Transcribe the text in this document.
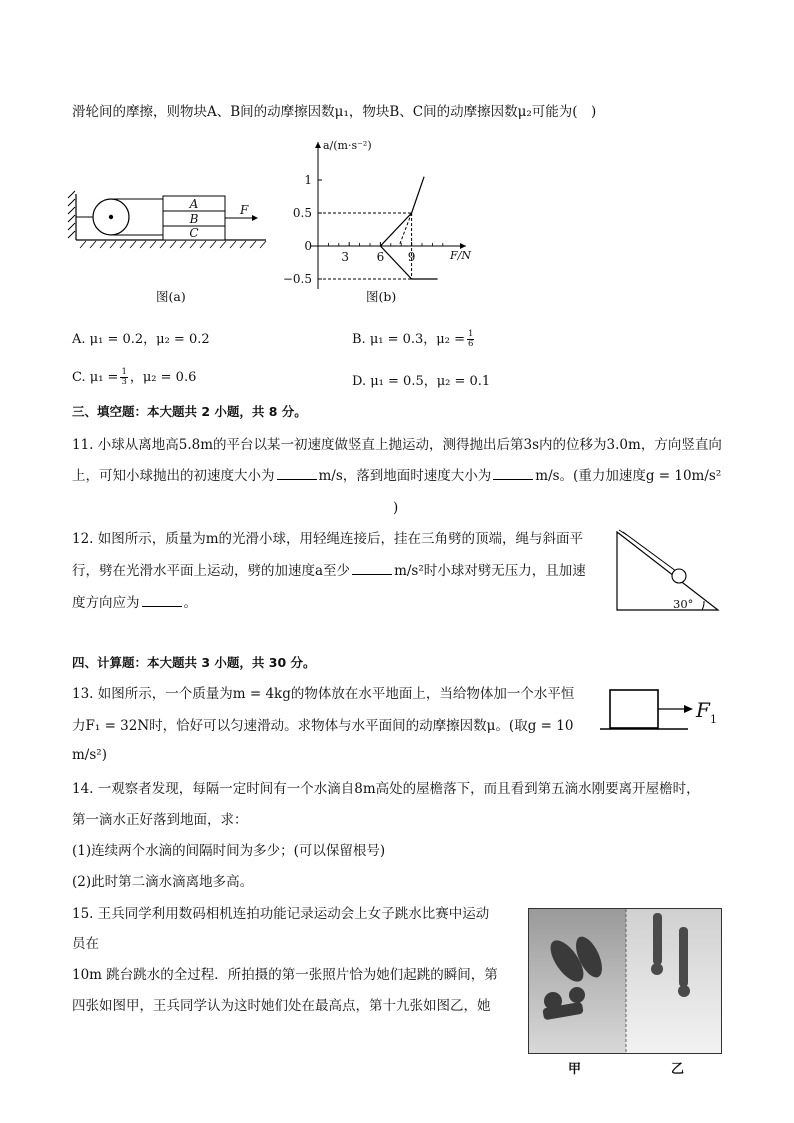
滑轮间的摩擦，则物块A、B间的动摩擦因数μ₁，物块B、C间的动摩擦因数μ₂可能为(　)
A
B
C
F
图(a)
a/(m·s⁻²)
F/N
3 6 9
1
0.5
0
−0.5
图(b)
A. μ₁ = 0.2，μ₂ = 0.2	B. μ₁ = 0.3，$\mu_2 = \frac{1}{6}$
C. $\mu_1 = \frac{1}{3}$ ，μ₂ = 0.6	D. μ₁ = 0.5，μ₂ = 0.1
三、填空题：本大题共 2 小题，共 8 分。
11. 小球从离地高5.8m的平台以某一初速度做竖直上抛运动，测得抛出后第3s内的位移为3.0m，方向竖直向
上，可知小球抛出的初速度大小为	m/s，落到地面时速度大小为	m/s。(重力加速度g = 10m/s²
)
12. 如图所示，质量为m的光滑小球，用轻绳连接后，挂在三角劈的顶端，绳与斜面平
行，劈在光滑水平面上运动，劈的加速度a至少	m/s²时小球对劈无压力，且加速
度方向应为	。	30°
四、计算题：本大题共 3 小题，共 30 分。
13. 如图所示，一个质量为m = 4kg的物体放在水平地面上，当给物体加一个水平恒
力F₁ = 32N时，恰好可以匀速滑动。求物体与水平面间的动摩擦因数μ。(取g = 10
m/s²)
F 1
14. 一观察者发现，每隔一定时间有一个水滴自8m高处的屋檐落下，而且看到第五滴水刚要离开屋檐时，
第一滴水正好落到地面，求：
(1)连续两个水滴的间隔时间为多少；(可以保留根号)
(2)此时第二滴水滴离地多高。
15. 王兵同学利用数码相机连拍功能记录运动会上女子跳水比赛中运动
员在
10m 跳台跳水的全过程．所拍摄的第一张照片恰为她们起跳的瞬间，第
四张如图甲，王兵同学认为这时她们处在最高点，第十九张如图乙，她
甲	乙
